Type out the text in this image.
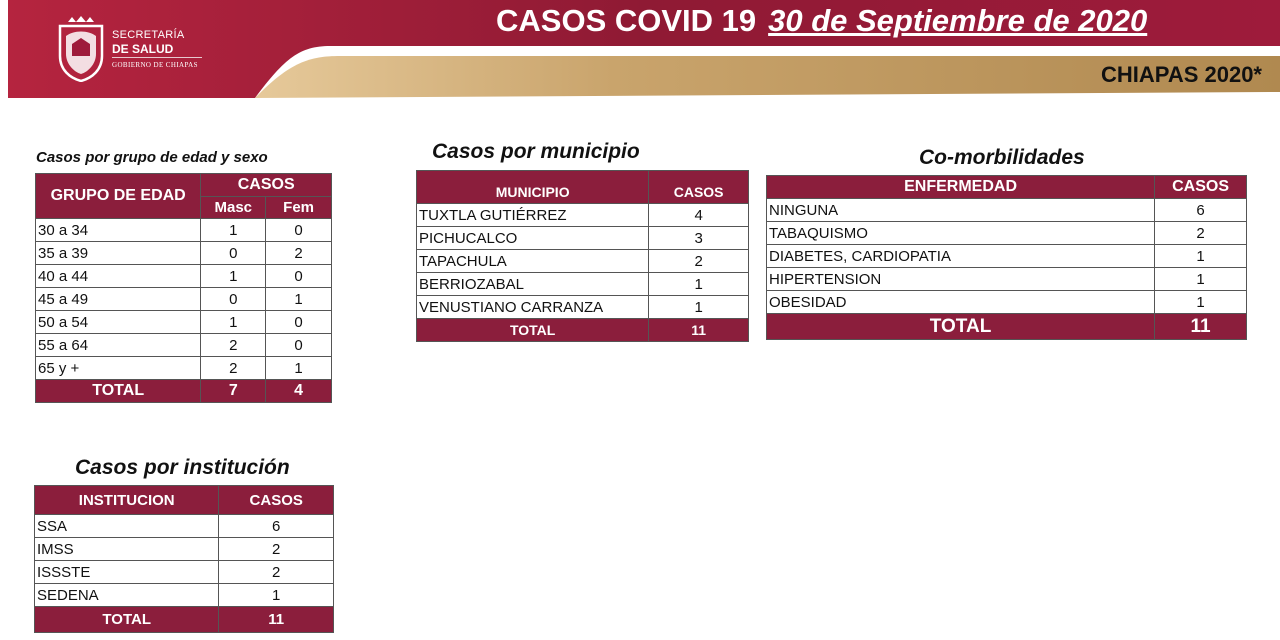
SECRETARÍA
DE SALUD
GOBIERNO DE CHIAPAS
CASOS COVID 19 30 de Septiembre de 2020
CHIAPAS 2020*
Casos por grupo de edad y sexo
GRUPO DE EDAD	CASOS	
	Masc	Fem
30 a 34	1	0
35 a 39	0	2
40 a 44	1	0
45 a 49	0	1
50 a 54	1	0
55 a 64	2	0
65 y +	2	1
TOTAL	7	4
Casos por municipio
MUNICIPIO	CASOS
TUXTLA GUTIÉRREZ	4
PICHUCALCO	3
TAPACHULA	2
BERRIOZABAL	1
VENUSTIANO CARRANZA	1
TOTAL	11
Co-morbilidades
ENFERMEDAD	CASOS
NINGUNA	6
TABAQUISMO	2
DIABETES, CARDIOPATIA	1
HIPERTENSION	1
OBESIDAD	1
TOTAL	11
Casos por institución
INSTITUCION	CASOS
SSA	6
IMSS	2
ISSSTE	2
SEDENA	1
TOTAL	11
